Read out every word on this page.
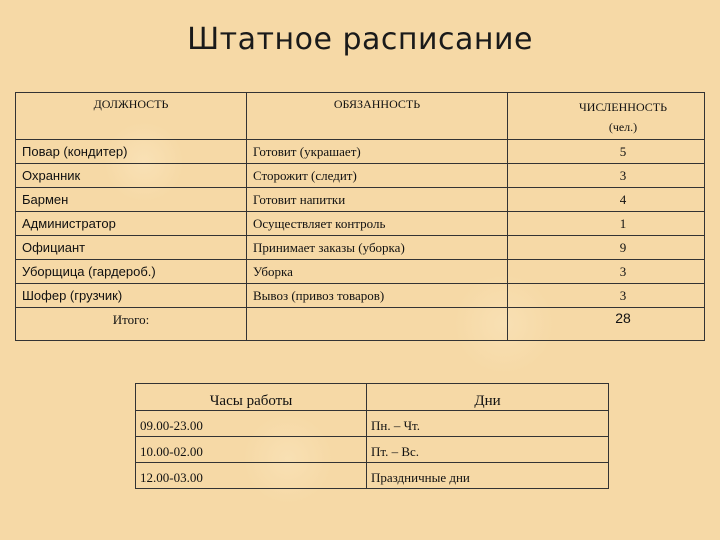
Штатное расписание
ДОЛЖНОСТЬ	ОБЯЗАННОСТЬ	ЧИСЛЕННОСТЬ
(чел.)
Повар (кондитер)	Готовит (украшает)	5
Охранник	Сторожит (следит)	3
Бармен	Готовит напитки	4
Администратор	Осуществляет контроль	1
Официант	Принимает заказы (уборка)	9
Уборщица (гардероб.)	Уборка	3
Шофер (грузчик)	Вывоз (привоз товаров)	3
Итого:		28
Часы работы	Дни
09.00-23.00	Пн. – Чт.
10.00-02.00	Пт. – Вс.
12.00-03.00	Праздничные дни
